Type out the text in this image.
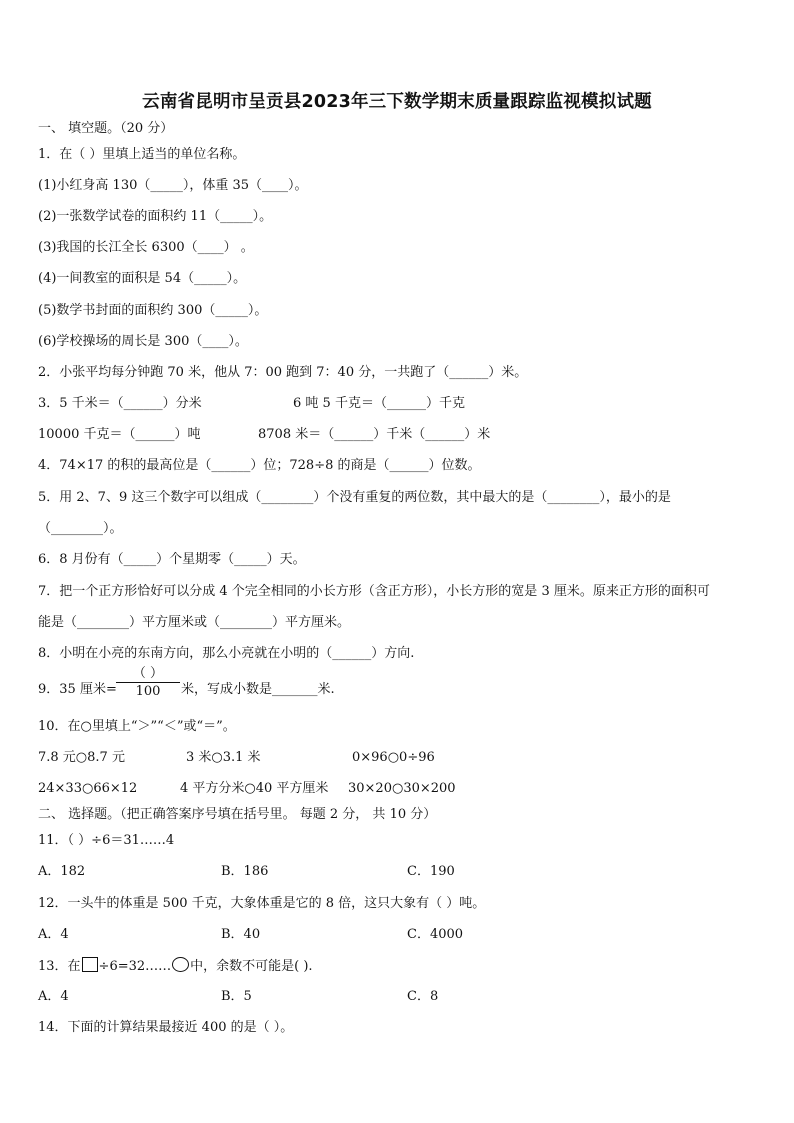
云南省昆明市呈贡县2023年三下数学期末质量跟踪监视模拟试题
一、 填空题。（20 分）
1．在（ ）里填上适当的单位名称。
(1)小红身高 130（_____），体重 35（____）。
(2)一张数学试卷的面积约 11（_____）。
(3)我国的长江全长 6300（____） 。
(4)一间教室的面积是 54（_____）。
(5)数学书封面的面积约 300（_____）。
(6)学校操场的周长是 300（____）。
2．小张平均每分钟跑 70 米，他从 7：00 跑到 7：40 分，一共跑了（______）米。
3．5 千米＝（______）分米	6 吨 5 千克＝（______）千克
10000 千克＝（______）吨	8708 米＝（______）千米（______）米
4．74×17 的积的最高位是（______）位；728÷8 的商是（______）位数。
5．用 2、7、9 这三个数字可以组成（________）个没有重复的两位数，其中最大的是（________），最小的是
（________）。
6．8 月份有（_____）个星期零（_____）天。
7．把一个正方形恰好可以分成 4 个完全相同的小长方形（含正方形），小长方形的宽是 3 厘米。原来正方形的面积可
能是（________）平方厘米或（________）平方厘米。
8．小明在小亮的东南方向，那么小亮就在小明的（______）方向.
9．35 厘米=
（ ）
100	米，写成小数是_______米.
10．在○里填上“＞”“＜”或“＝”。
7.8 元○8.7 元	3 米○3.1 米	0×96○0÷96
24×33○66×12	4 平方分米○40 平方厘米 30×20○30×200
二、 选择题。（把正确答案序号填在括号里。 每题 2 分， 共 10 分）
11．（ ）÷6＝31……4
A．182	B．186	C．190
12．一头牛的体重是 500 千克，大象体重是它的 8 倍，这只大象有（ ）吨。
A．4	B．40	C．4000
13．在 ÷6=32…… 中，余数不可能是( ).
A．4	B．5	C．8
14．下面的计算结果最接近 400 的是（ ）。
